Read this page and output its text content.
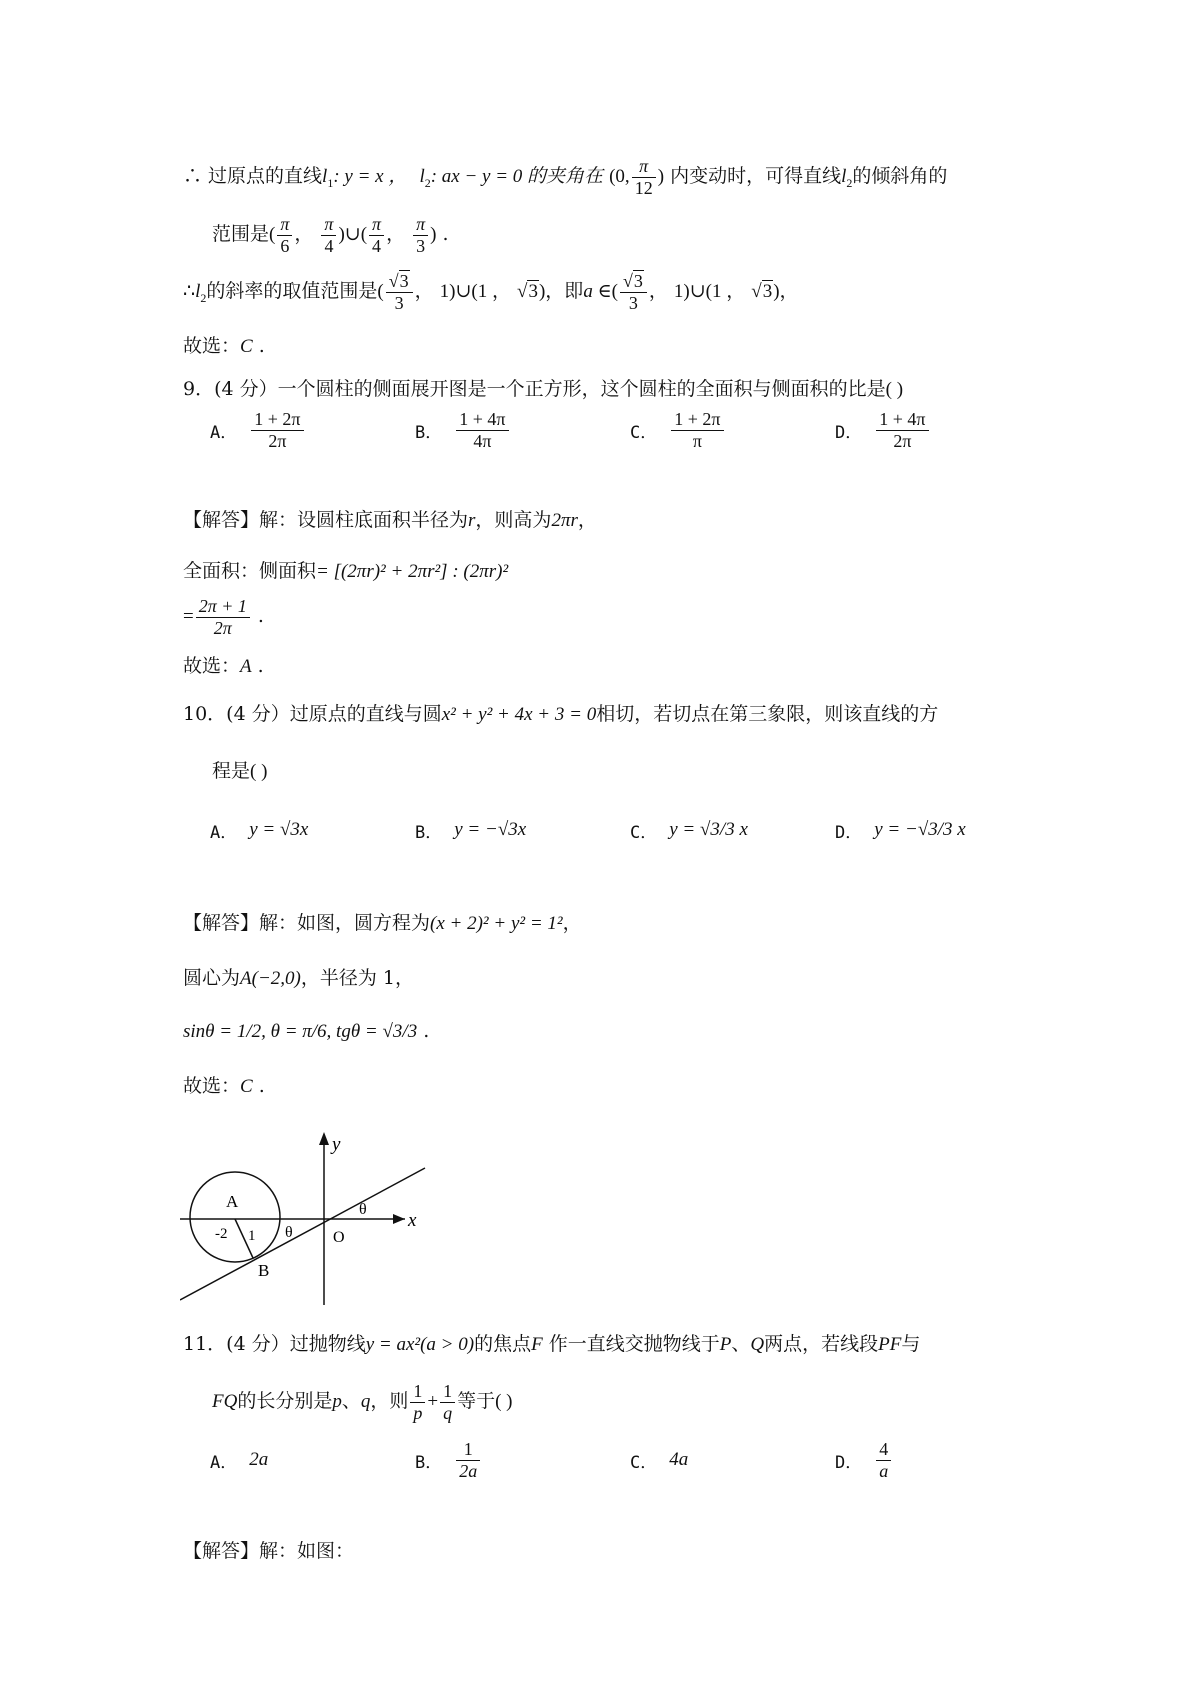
∴ 过原点的直线$l_1$: y = x ， $l_2$: ax − y = 0 的夹角在 (0, $\frac{\pi}{12}$ ) 内变动时，可得直线$l_2$的倾斜角的
范围是( $\frac{\pi}{6}$ ， $\frac{\pi}{4}$ )∪( $\frac{\pi}{4}$ ， $\frac{\pi}{3}$ ) .
$\therefore l_2$的斜率的取值范围是( $\frac{√3}{3}$ ， 1)∪(1 ， √3)，即a ∈( $\frac{√3}{3}$ ， 1)∪(1 ， √3)，
故选：C .
9．(4 分）一个圆柱的侧面展开图是一个正方形，这个圆柱的全面积与侧面积的比是( )
A． $\frac{1 + 2\pi}{2\pi}$	B． $\frac{1 + 4\pi}{4\pi}$	C． $\frac{1 + 2\pi}{\pi}$	D． $\frac{1 + 4\pi}{2\pi}$
【解答】解：设圆柱底面积半径为r，则高为2πr，
全面积：侧面积= [(2πr)² + 2πr²] : (2πr)²
= $\frac{2\pi + 1}{2\pi}$ .
故选：A .
10．(4 分）过原点的直线与圆x² + y² + 4x + 3 = 0相切，若切点在第三象限，则该直线的方
程是( )
A． y = √3x	B． y = −√3x	C． y = √3/3 x	D． y = −√3/3 x
【解答】解：如图，圆方程为(x + 2)² + y² = 1²，
圆心为A(−2,0)，半径为 1，
sinθ = 1/2, θ = π/6, tgθ = √3/3 .
故选：C .
y
x
A
-2 1 θ
θ
O
B
11．(4 分）过抛物线y = ax²(a > 0)的焦点F 作一直线交抛物线于P、Q两点，若线段PF与
FQ的长分别是p、q，则 $\frac{1}{p} + \frac{1}{q}$ 等于( )
A． 2a	B． $\frac{1}{2a}$	C． 4a	D． $\frac{4}{a}$
【解答】解：如图：
